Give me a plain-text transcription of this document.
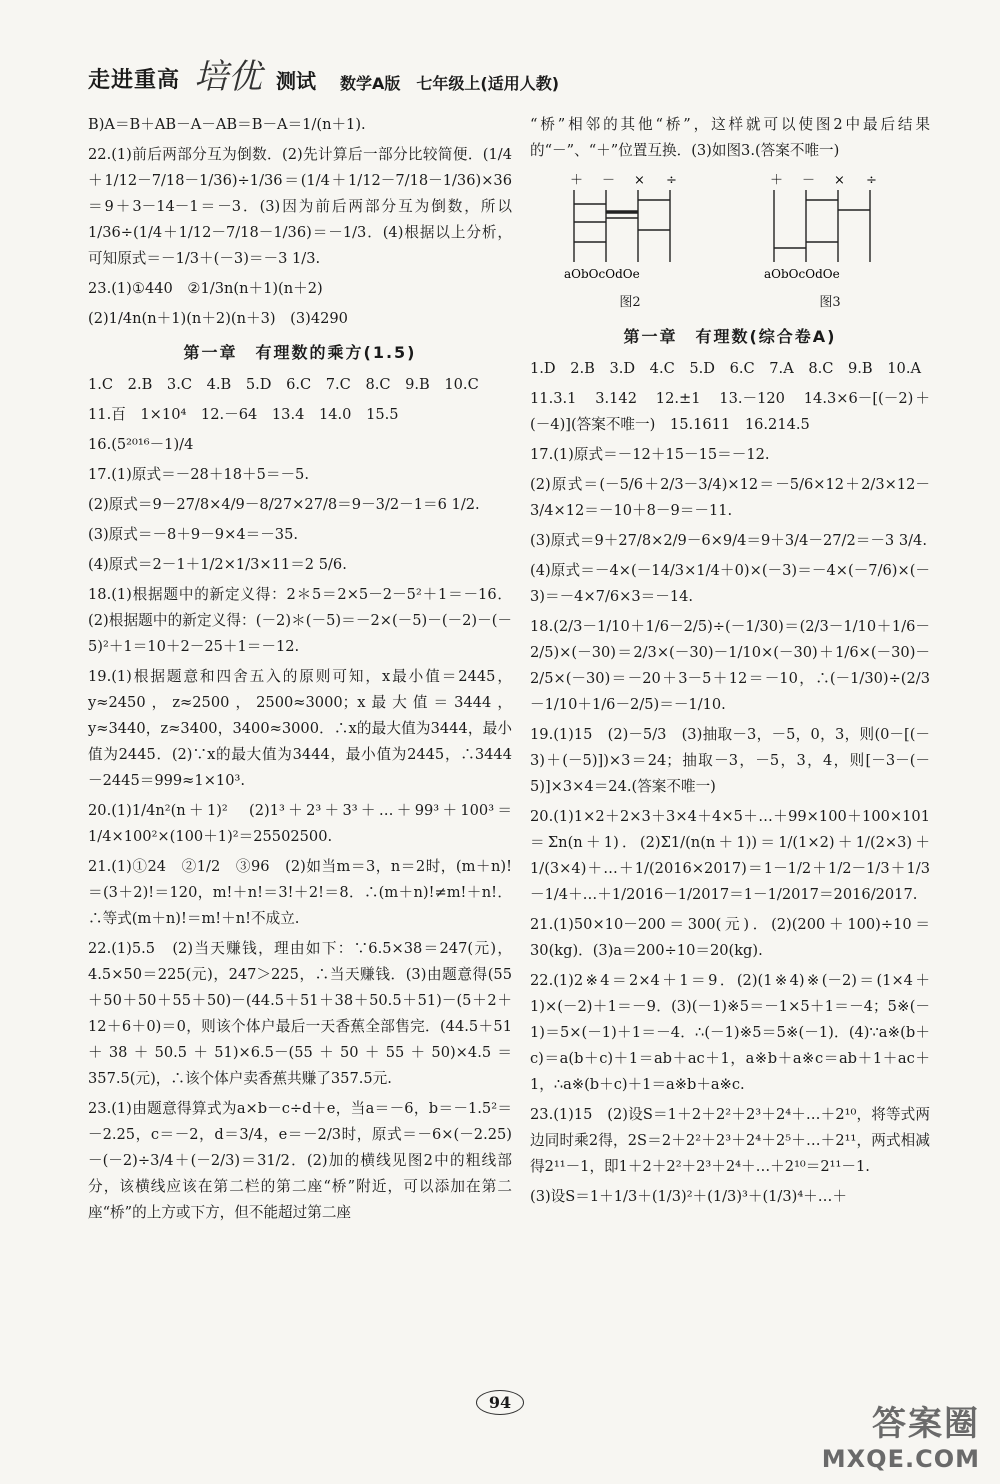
走进重高 培优 测试 数学A版　七年级上(适用人教)

B)A＝B＋AB－A－AB＝B－A＝1/(n＋1).

22.(1)前后两部分互为倒数．(2)先计算后一部分比较简便．(1/4＋1/12－7/18－1/36)÷1/36＝(1/4＋1/12－7/18－1/36)×36＝9＋3－14－1＝－3．(3)因为前后两部分互为倒数，所以1/36÷(1/4＋1/12－7/18－1/36)＝－1/3．(4)根据以上分析，可知原式＝－1/3＋(－3)＝－3 1/3.

23.(1)①440　②1/3n(n＋1)(n＋2)

(2)1/4n(n＋1)(n＋2)(n＋3)　(3)4290

第一章　有理数的乘方(1.5)

1.C　2.B　3.C　4.B　5.D　6.C　7.C　8.C　9.B　10.C

11.百　1×10⁴　12.－64　13.4　14.0　15.5

16.(5²⁰¹⁶－1)/4

17.(1)原式＝－28＋18＋5＝－5.

(2)原式＝9－27/8×4/9－8/27×27/8＝9－3/2－1＝6 1/2.

(3)原式＝－8＋9－9×4＝－35.

(4)原式＝2－1＋1/2×1/3×11＝2 5/6.

18.(1)根据题中的新定义得：2＊5＝2×5－2－5²＋1＝－16．(2)根据题中的新定义得：(－2)＊(－5)＝－2×(－5)－(－2)－(－5)²＋1＝10＋2－25＋1＝－12.

19.(1)根据题意和四舍五入的原则可知，x最小值＝2445，y≈2450，z≈2500，2500≈3000；x最大值＝3444，y≈3440，z≈3400，3400≈3000．∴x的最大值为3444，最小值为2445．(2)∵x的最大值为3444，最小值为2445，∴3444－2445＝999≈1×10³.

20.(1)1/4n²(n＋1)²　(2)1³＋2³＋3³＋…＋99³＋100³＝1/4×100²×(100＋1)²＝25502500.

21.(1)①24　②1/2　③96　(2)如当m＝3，n＝2时，(m＋n)!＝(3＋2)!＝120，m!＋n!＝3!＋2!＝8．∴(m＋n)!≠m!＋n!．∴等式(m＋n)!＝m!＋n!不成立.

22.(1)5.5　(2)当天赚钱，理由如下：∵6.5×38＝247(元)，4.5×50＝225(元)，247＞225，∴当天赚钱．(3)由题意得(55＋50＋50＋55＋50)－(44.5＋51＋38＋50.5＋51)－(5＋2＋12＋6＋0)＝0，则该个体户最后一天香蕉全部售完．(44.5＋51＋38＋50.5＋51)×6.5－(55＋50＋55＋50)×4.5＝357.5(元)，∴该个体户卖香蕉共赚了357.5元.

23.(1)由题意得算式为a×b－c÷d＋e，当a＝－6，b＝－1.5²＝－2.25，c＝－2，d＝3/4，e＝－2/3时，原式＝－6×(－2.25)－(－2)÷3/4＋(－2/3)＝31/2．(2)加的横线见图2中的粗线部分，该横线应该在第二栏的第二座“桥”附近，可以添加在第二座“桥”的上方或下方，但不能超过第二座

“桥”相邻的其他“桥”，这样就可以使图2中最后结果的“－”、“＋”位置互换．(3)如图3.(答案不唯一)

＋ － × ÷
aObOcOdOe
图2
＋ － × ÷
aObOcOdOe
图3
第一章　有理数(综合卷A)

1.D　2.B　3.D　4.C　5.D　6.C　7.A　8.C　9.B　10.A

11.3.1　3.142　12.±1　13.－120　14.3×6－[(－2)＋(－4)](答案不唯一)　15.1611　16.214.5

17.(1)原式＝－12＋15－15＝－12.

(2)原式＝(－5/6＋2/3－3/4)×12＝－5/6×12＋2/3×12－3/4×12＝－10＋8－9＝－11.

(3)原式＝9＋27/8×2/9－6×9/4＝9＋3/4－27/2＝－3 3/4.

(4)原式＝－4×(－14/3×1/4＋0)×(－3)＝－4×(－7/6)×(－3)＝－4×7/6×3＝－14.

18.(2/3－1/10＋1/6－2/5)÷(－1/30)＝(2/3－1/10＋1/6－2/5)×(－30)＝2/3×(－30)－1/10×(－30)＋1/6×(－30)－2/5×(－30)＝－20＋3－5＋12＝－10，∴(－1/30)÷(2/3－1/10＋1/6－2/5)＝－1/10.

19.(1)15　(2)－5/3　(3)抽取－3，－5，0，3，则(0－[(－3)＋(－5)])×3＝24；抽取－3，－5，3，4，则[－3－(－5)]×3×4＝24.(答案不唯一)

20.(1)1×2＋2×3＋3×4＋4×5＋…＋99×100＋100×101＝Σn(n＋1)．(2)Σ1/(n(n＋1))＝1/(1×2)＋1/(2×3)＋1/(3×4)＋…＋1/(2016×2017)＝1－1/2＋1/2－1/3＋1/3－1/4＋…＋1/2016－1/2017＝1－1/2017＝2016/2017.

21.(1)50×10－200＝300(元)．(2)(200＋100)÷10＝30(kg)．(3)a＝200÷10＝20(kg).

22.(1)2※4＝2×4＋1＝9．(2)(1※4)※(－2)＝(1×4＋1)×(－2)＋1＝－9．(3)(－1)※5＝－1×5＋1＝－4；5※(－1)＝5×(－1)＋1＝－4．∴(－1)※5＝5※(－1)．(4)∵a※(b＋c)＝a(b＋c)＋1＝ab＋ac＋1，a※b＋a※c＝ab＋1＋ac＋1，∴a※(b＋c)＋1＝a※b＋a※c.

23.(1)15　(2)设S＝1＋2＋2²＋2³＋2⁴＋…＋2¹⁰，将等式两边同时乘2得，2S＝2＋2²＋2³＋2⁴＋2⁵＋…＋2¹¹，两式相减得2¹¹－1，即1＋2＋2²＋2³＋2⁴＋…＋2¹⁰＝2¹¹－1.

(3)设S＝1＋1/3＋(1/3)²＋(1/3)³＋(1/3)⁴＋…＋

94
答案圈
MXQE.COM
